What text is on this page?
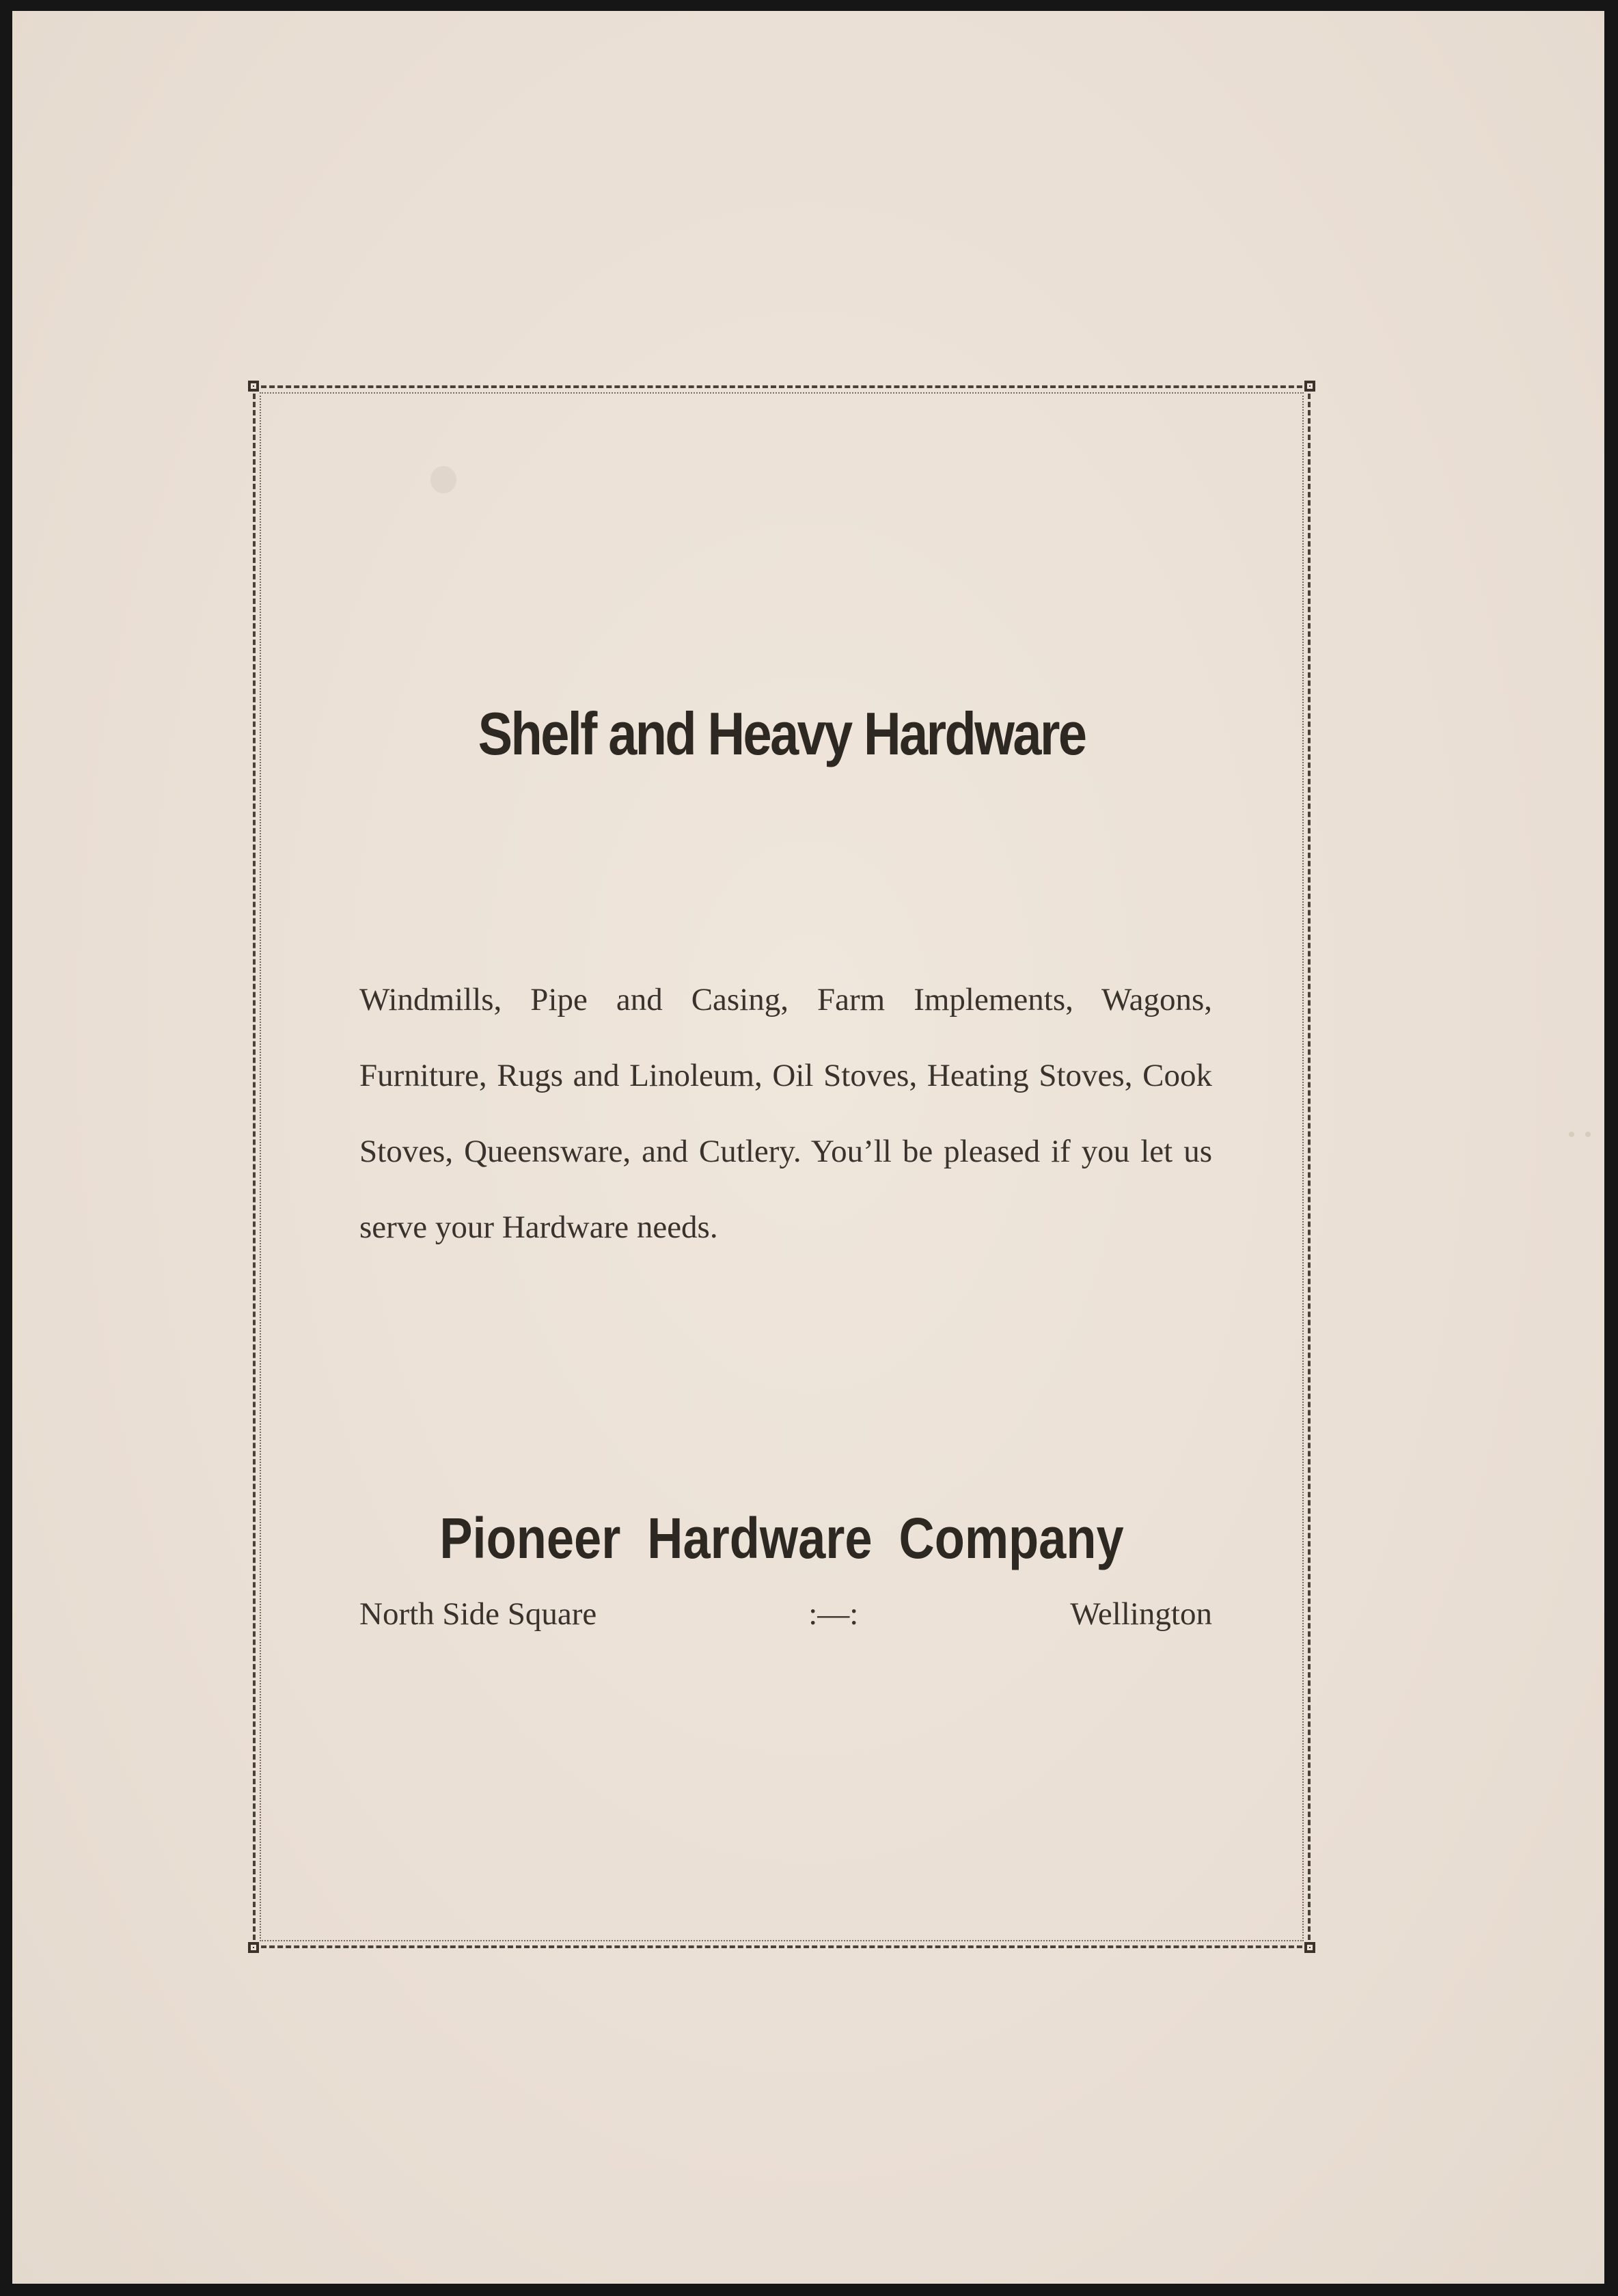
Shelf and Heavy Hardware

Windmills, Pipe and Casing, Farm Implements, Wagons, Furniture, Rugs and Linoleum, Oil Stoves, Heating Stoves, Cook Stoves, Queensware, and Cutlery. You’ll be pleased if you let us serve your Hardware needs.

Pioneer Hardware Company
North Side Square	:—:	Wellington
